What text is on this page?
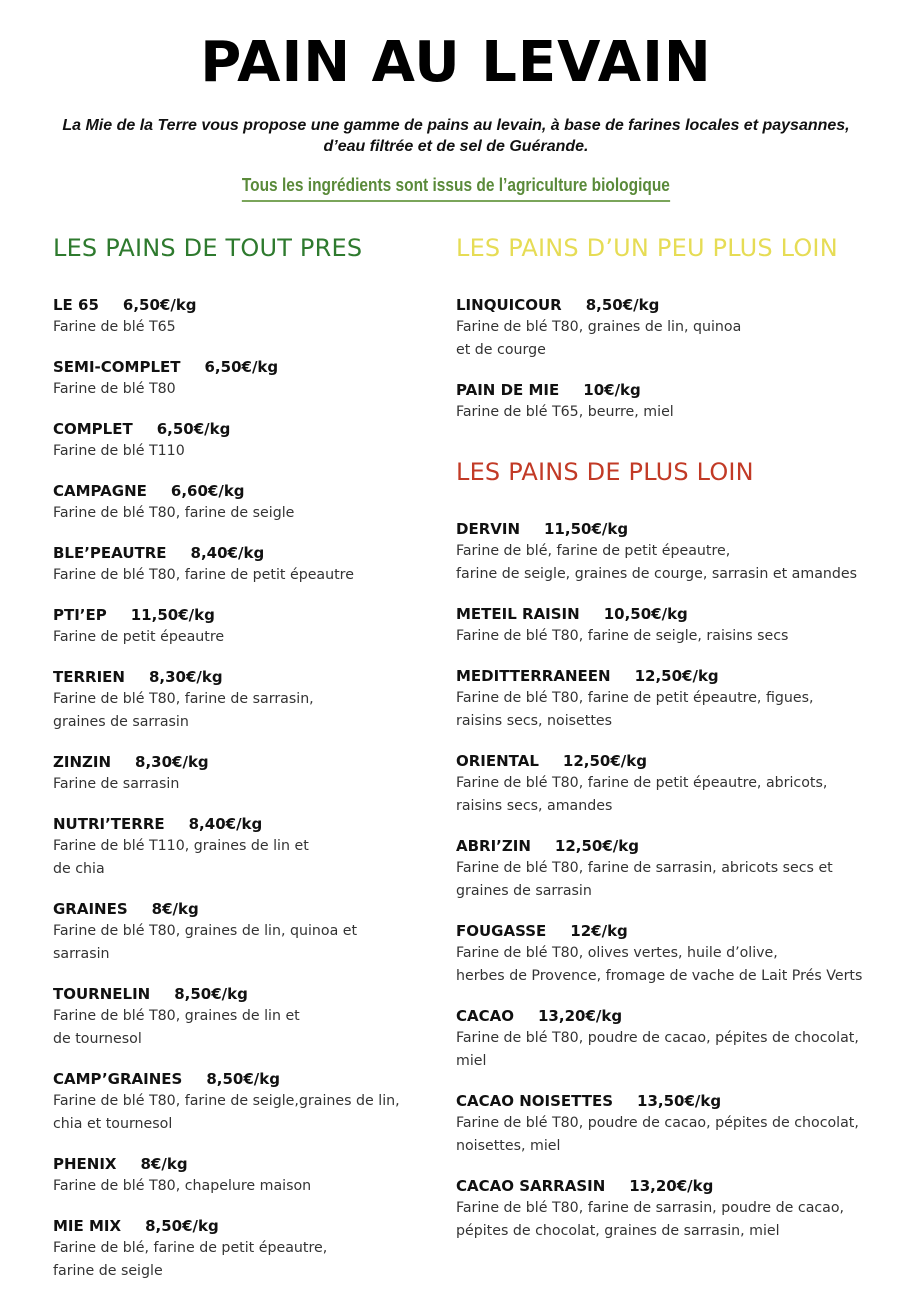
PAIN AU LEVAIN
La Mie de la Terre vous propose une gamme de pains au levain, à base de farines locales et paysannes,
d’eau filtrée et de sel de Guérande.
Tous les ingrédients sont issus de l’agriculture biologique
LES PAINS DE TOUT PRES
LE 65 6,50€/kg
Farine de blé T65
SEMI-COMPLET 6,50€/kg
Farine de blé T80
COMPLET 6,50€/kg
Farine de blé T110
CAMPAGNE 6,60€/kg
Farine de blé T80, farine de seigle
BLE’PEAUTRE 8,40€/kg
Farine de blé T80, farine de petit épeautre
PTI’EP 11,50€/kg
Farine de petit épeautre
TERRIEN 8,30€/kg
Farine de blé T80, farine de sarrasin,
graines de sarrasin
ZINZIN 8,30€/kg
Farine de sarrasin
NUTRI’TERRE 8,40€/kg
Farine de blé T110, graines de lin et
de chia
GRAINES 8€/kg
Farine de blé T80, graines de lin, quinoa et
sarrasin
TOURNELIN 8,50€/kg
Farine de blé T80, graines de lin et
de tournesol
CAMP’GRAINES 8,50€/kg
Farine de blé T80, farine de seigle,graines de lin,
chia et tournesol
PHENIX 8€/kg
Farine de blé T80, chapelure maison
MIE MIX 8,50€/kg
Farine de blé, farine de petit épeautre,
farine de seigle
LES PAINS D’UN PEU PLUS LOIN
LINQUICOUR 8,50€/kg
Farine de blé T80, graines de lin, quinoa
et de courge
PAIN DE MIE 10€/kg
Farine de blé T65, beurre, miel
LES PAINS DE PLUS LOIN
DERVIN 11,50€/kg
Farine de blé, farine de petit épeautre,
farine de seigle, graines de courge, sarrasin et amandes
METEIL RAISIN 10,50€/kg
Farine de blé T80, farine de seigle, raisins secs
MEDITTERRANEEN 12,50€/kg
Farine de blé T80, farine de petit épeautre, figues,
raisins secs, noisettes
ORIENTAL 12,50€/kg
Farine de blé T80, farine de petit épeautre, abricots,
raisins secs, amandes
ABRI’ZIN 12,50€/kg
Farine de blé T80, farine de sarrasin, abricots secs et
graines de sarrasin
FOUGASSE 12€/kg
Farine de blé T80, olives vertes, huile d’olive,
herbes de Provence, fromage de vache de Lait Prés Verts
CACAO 13,20€/kg
Farine de blé T80, poudre de cacao, pépites de chocolat,
miel
CACAO NOISETTES 13,50€/kg
Farine de blé T80, poudre de cacao, pépites de chocolat,
noisettes, miel
CACAO SARRASIN 13,20€/kg
Farine de blé T80, farine de sarrasin, poudre de cacao,
pépites de chocolat, graines de sarrasin, miel
